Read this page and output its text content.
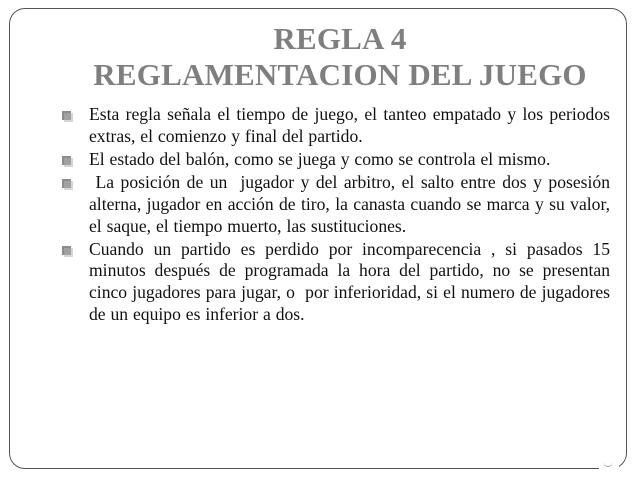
REGLA 4
REGLAMENTACION DEL JUEGO
Esta regla señala el tiempo de juego, el tanteo empatado y los periodos extras, el comienzo y final del partido.
El estado del balón, como se juega y como se controla el mismo.
La posición de un  jugador y del arbitro, el salto entre dos y posesión alterna, jugador en acción de tiro, la canasta cuando se marca y su valor, el saque, el tiempo muerto, las sustituciones.
Cuando un partido es perdido por incomparecencia , si pasados 15 minutos después de programada la hora del partido, no se presentan cinco jugadores para jugar, o  por inferioridad, si el numero de jugadores de un equipo es inferior a dos.
